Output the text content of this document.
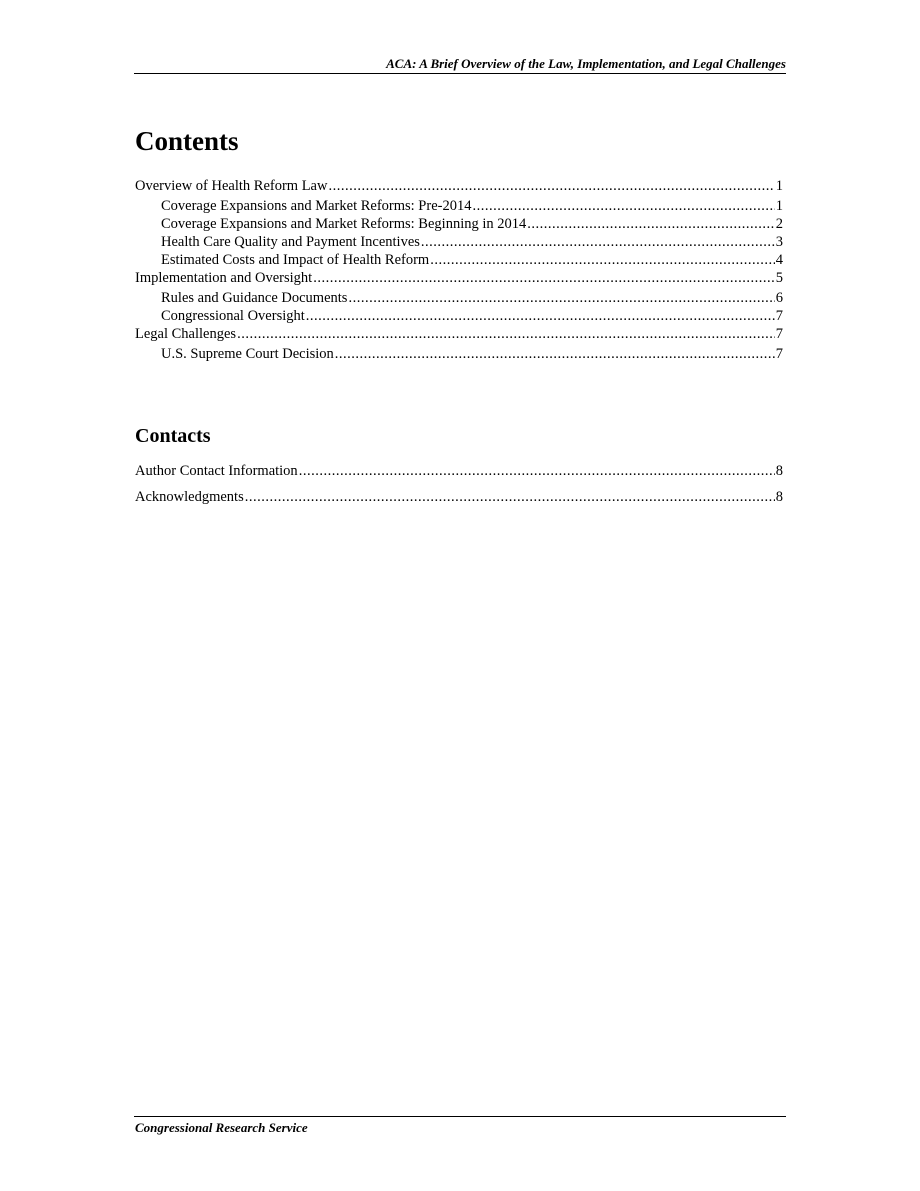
ACA: A Brief Overview of the Law, Implementation, and Legal Challenges
Contents
Overview of Health Reform Law .....	1
Coverage Expansions and Market Reforms: Pre-2014 .....	1
Coverage Expansions and Market Reforms: Beginning in 2014 .....	2
Health Care Quality and Payment Incentives .....	3
Estimated Costs and Impact of Health Reform .....	4
Implementation and Oversight .....	5
Rules and Guidance Documents .....	6
Congressional Oversight .....	7
Legal Challenges .....	7
U.S. Supreme Court Decision .....	7
Contacts
Author Contact Information .....	8
Acknowledgments .....	8
Congressional Research Service
